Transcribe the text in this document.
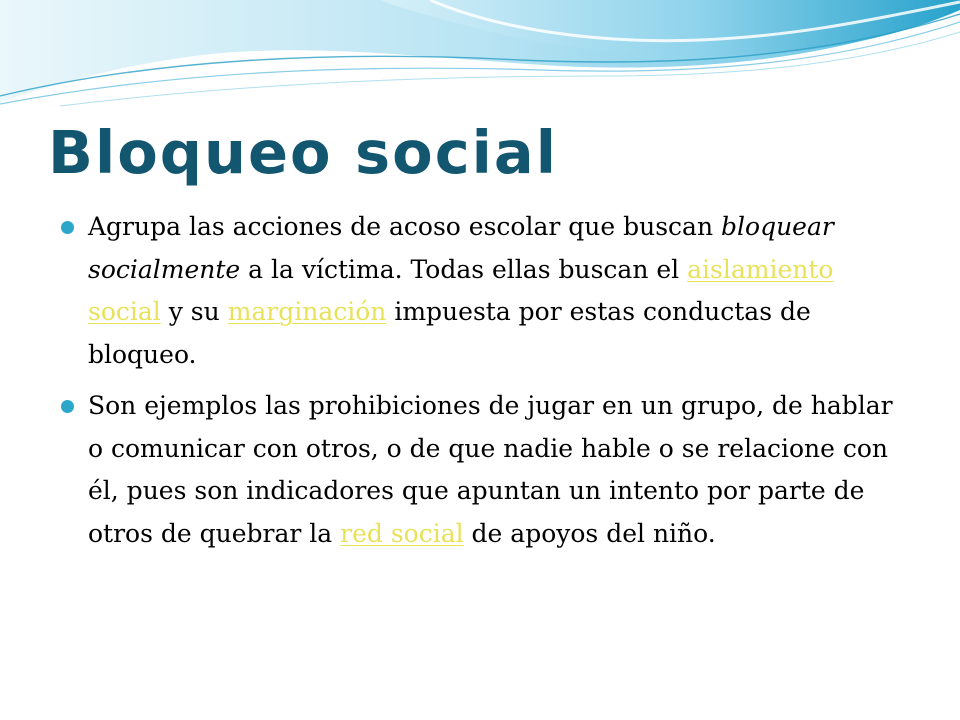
Bloqueo social
Agrupa las acciones de acoso escolar que buscan bloquear socialmente a la víctima. Todas ellas buscan el aislamiento social y su marginación impuesta por estas conductas de bloqueo.
Son ejemplos las prohibiciones de jugar en un grupo, de hablar o comunicar con otros, o de que nadie hable o se relacione con él, pues son indicadores que apuntan un intento por parte de otros de quebrar la red social de apoyos del niño.
